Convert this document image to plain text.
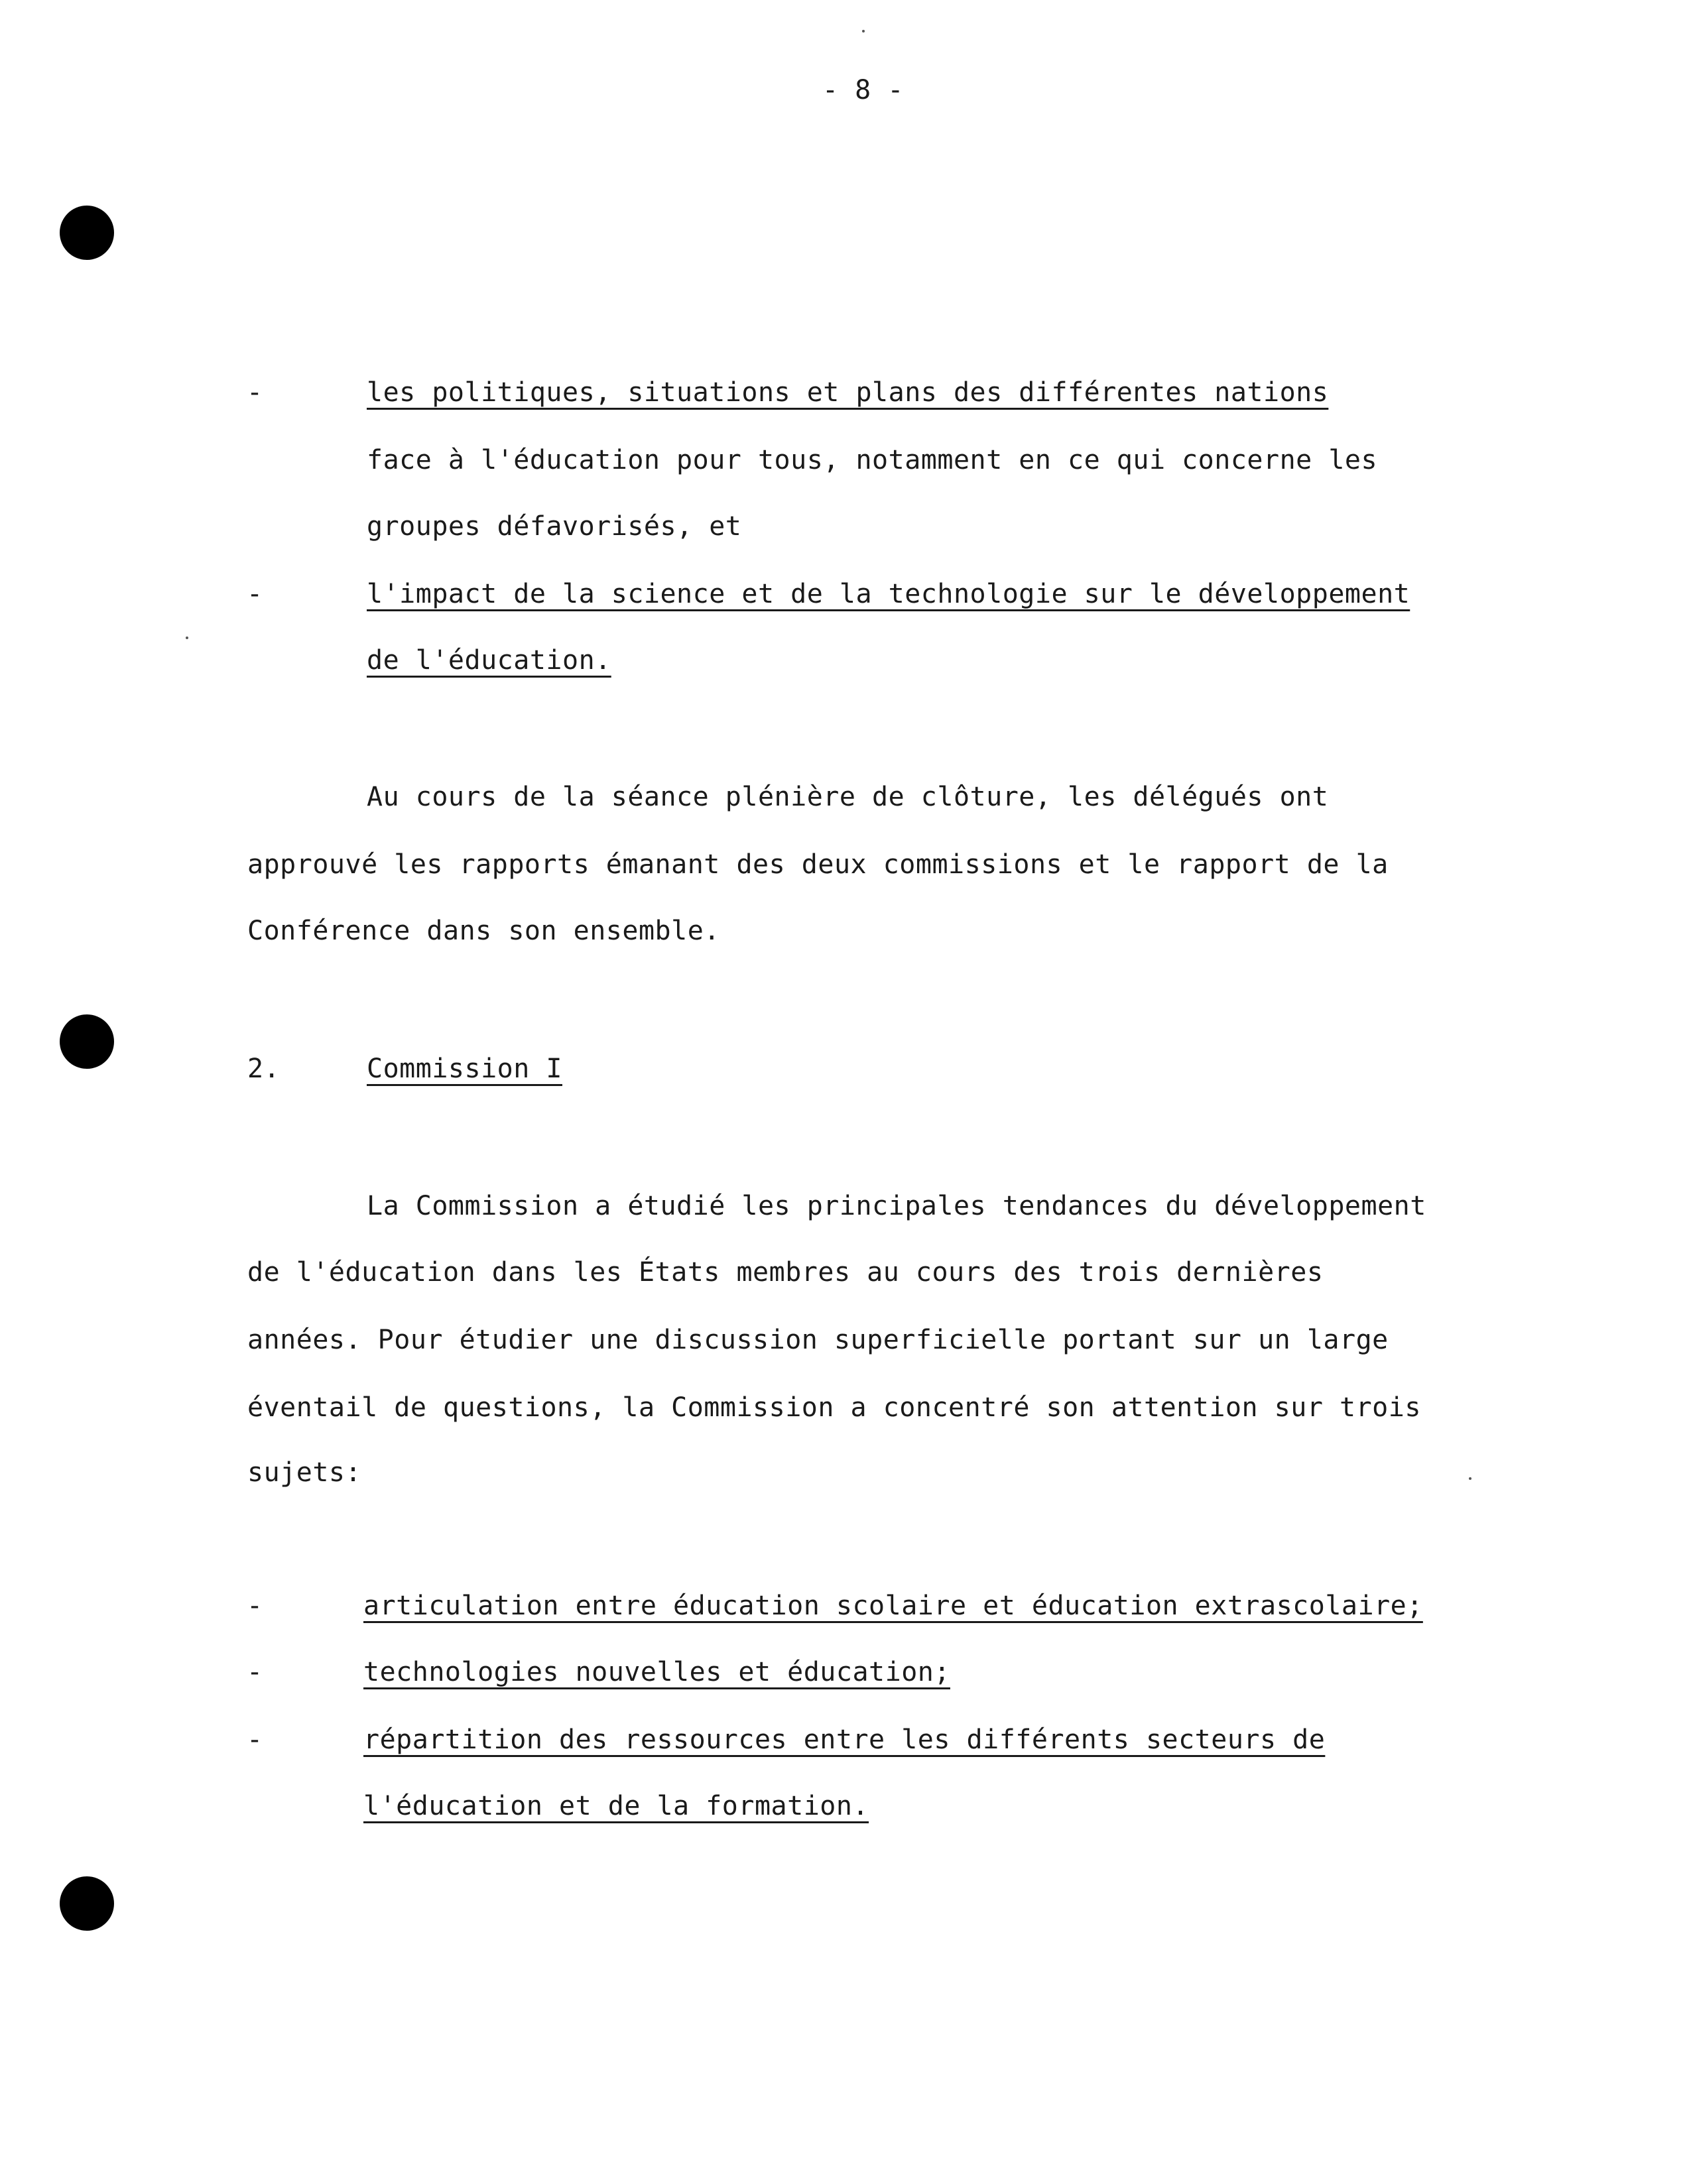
- 8 -
-	les politiques, situations et plans des différentes nations
face à l'éducation pour tous, notamment en ce qui concerne les
groupes défavorisés, et
-	l'impact de la science et de la technologie sur le développement
de l'éducation.
Au cours de la séance plénière de clôture, les délégués ont
approuvé les rapports émanant des deux commissions et le rapport de la
Conférence dans son ensemble.
2.	Commission I
La Commission a étudié les principales tendances du développement
de l'éducation dans les États membres au cours des trois dernières
années. Pour étudier une discussion superficielle portant sur un large
éventail de questions, la Commission a concentré son attention sur trois
sujets:
-	articulation entre éducation scolaire et éducation extrascolaire;
-	technologies nouvelles et éducation;
-	répartition des ressources entre les différents secteurs de
l'éducation et de la formation.
